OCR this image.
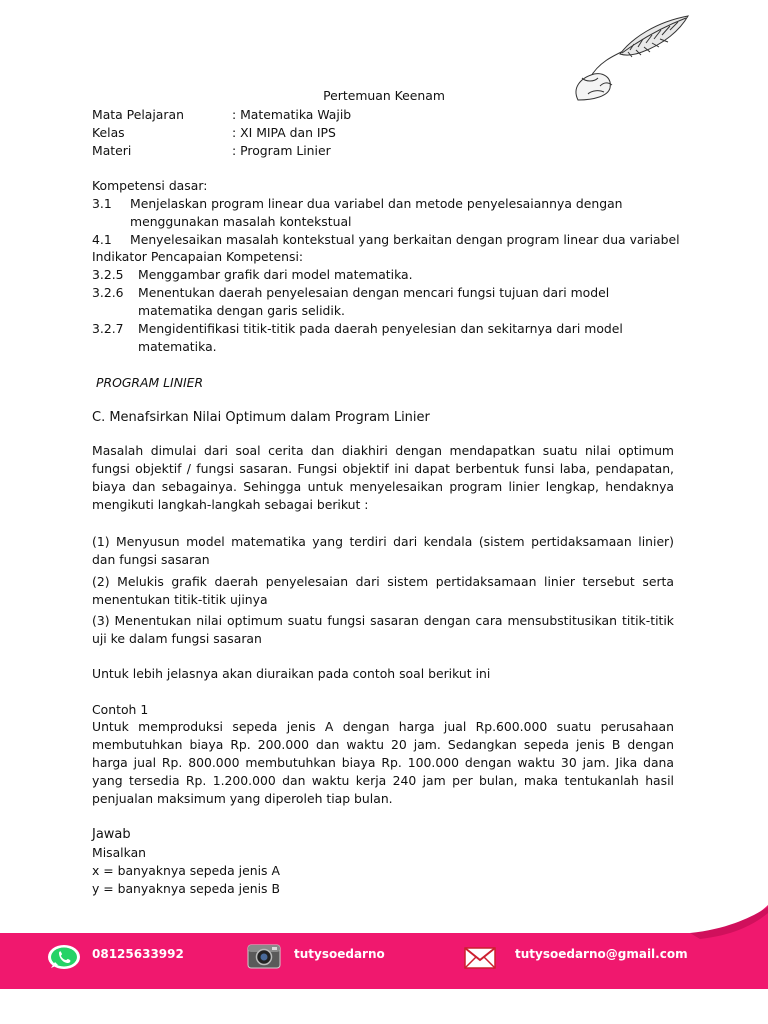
Pertemuan Keenam
Mata Pelajaran	: Matematika Wajib
Kelas	: XI MIPA dan IPS
Materi	: Program Linier
Kompetensi dasar:
3.1 Menjelaskan program linear dua variabel dan metode penyelesaiannya dengan
menggunakan masalah kontekstual
4.1 Menyelesaikan masalah kontekstual yang berkaitan dengan program linear dua variabel
Indikator Pencapaian Kompetensi:
3.2.5 Menggambar grafik dari model matematika.
3.2.6 Menentukan daerah penyelesaian dengan mencari fungsi tujuan dari model
matematika dengan garis selidik.
3.2.7 Mengidentifikasi titik-titik pada daerah penyelesian dan sekitarnya dari model
matematika.
PROGRAM LINIER
C. Menafsirkan Nilai Optimum dalam Program Linier
Masalah dimulai dari soal cerita dan diakhiri dengan mendapatkan suatu nilai optimum fungsi objektif / fungsi sasaran. Fungsi objektif ini dapat berbentuk funsi laba, pendapatan, biaya dan sebagainya. Sehingga untuk menyelesaikan program linier lengkap, hendaknya mengikuti langkah-langkah sebagai berikut :
(1) Menyusun model matematika yang terdiri dari kendala (sistem pertidaksamaan linier) dan fungsi sasaran
(2) Melukis grafik daerah penyelesaian dari sistem pertidaksamaan linier tersebut serta menentukan titik-titik ujinya
(3) Menentukan nilai optimum suatu fungsi sasaran dengan cara mensubstitusikan titik-titik uji ke dalam fungsi sasaran
Untuk lebih jelasnya akan diuraikan pada contoh soal berikut ini
Contoh 1
Untuk memproduksi sepeda jenis A dengan harga jual Rp.600.000 suatu perusahaan membutuhkan biaya Rp. 200.000 dan waktu 20 jam. Sedangkan sepeda jenis B dengan harga jual Rp. 800.000 membutuhkan biaya Rp. 100.000 dengan waktu 30 jam. Jika dana yang tersedia Rp. 1.200.000 dan waktu kerja 240 jam per bulan, maka tentukanlah hasil penjualan maksimum yang diperoleh tiap bulan.
Jawab
Misalkan
x = banyaknya sepeda jenis A
y = banyaknya sepeda jenis B
08125633992	tutysoedarno	tutysoedarno@gmail.com
